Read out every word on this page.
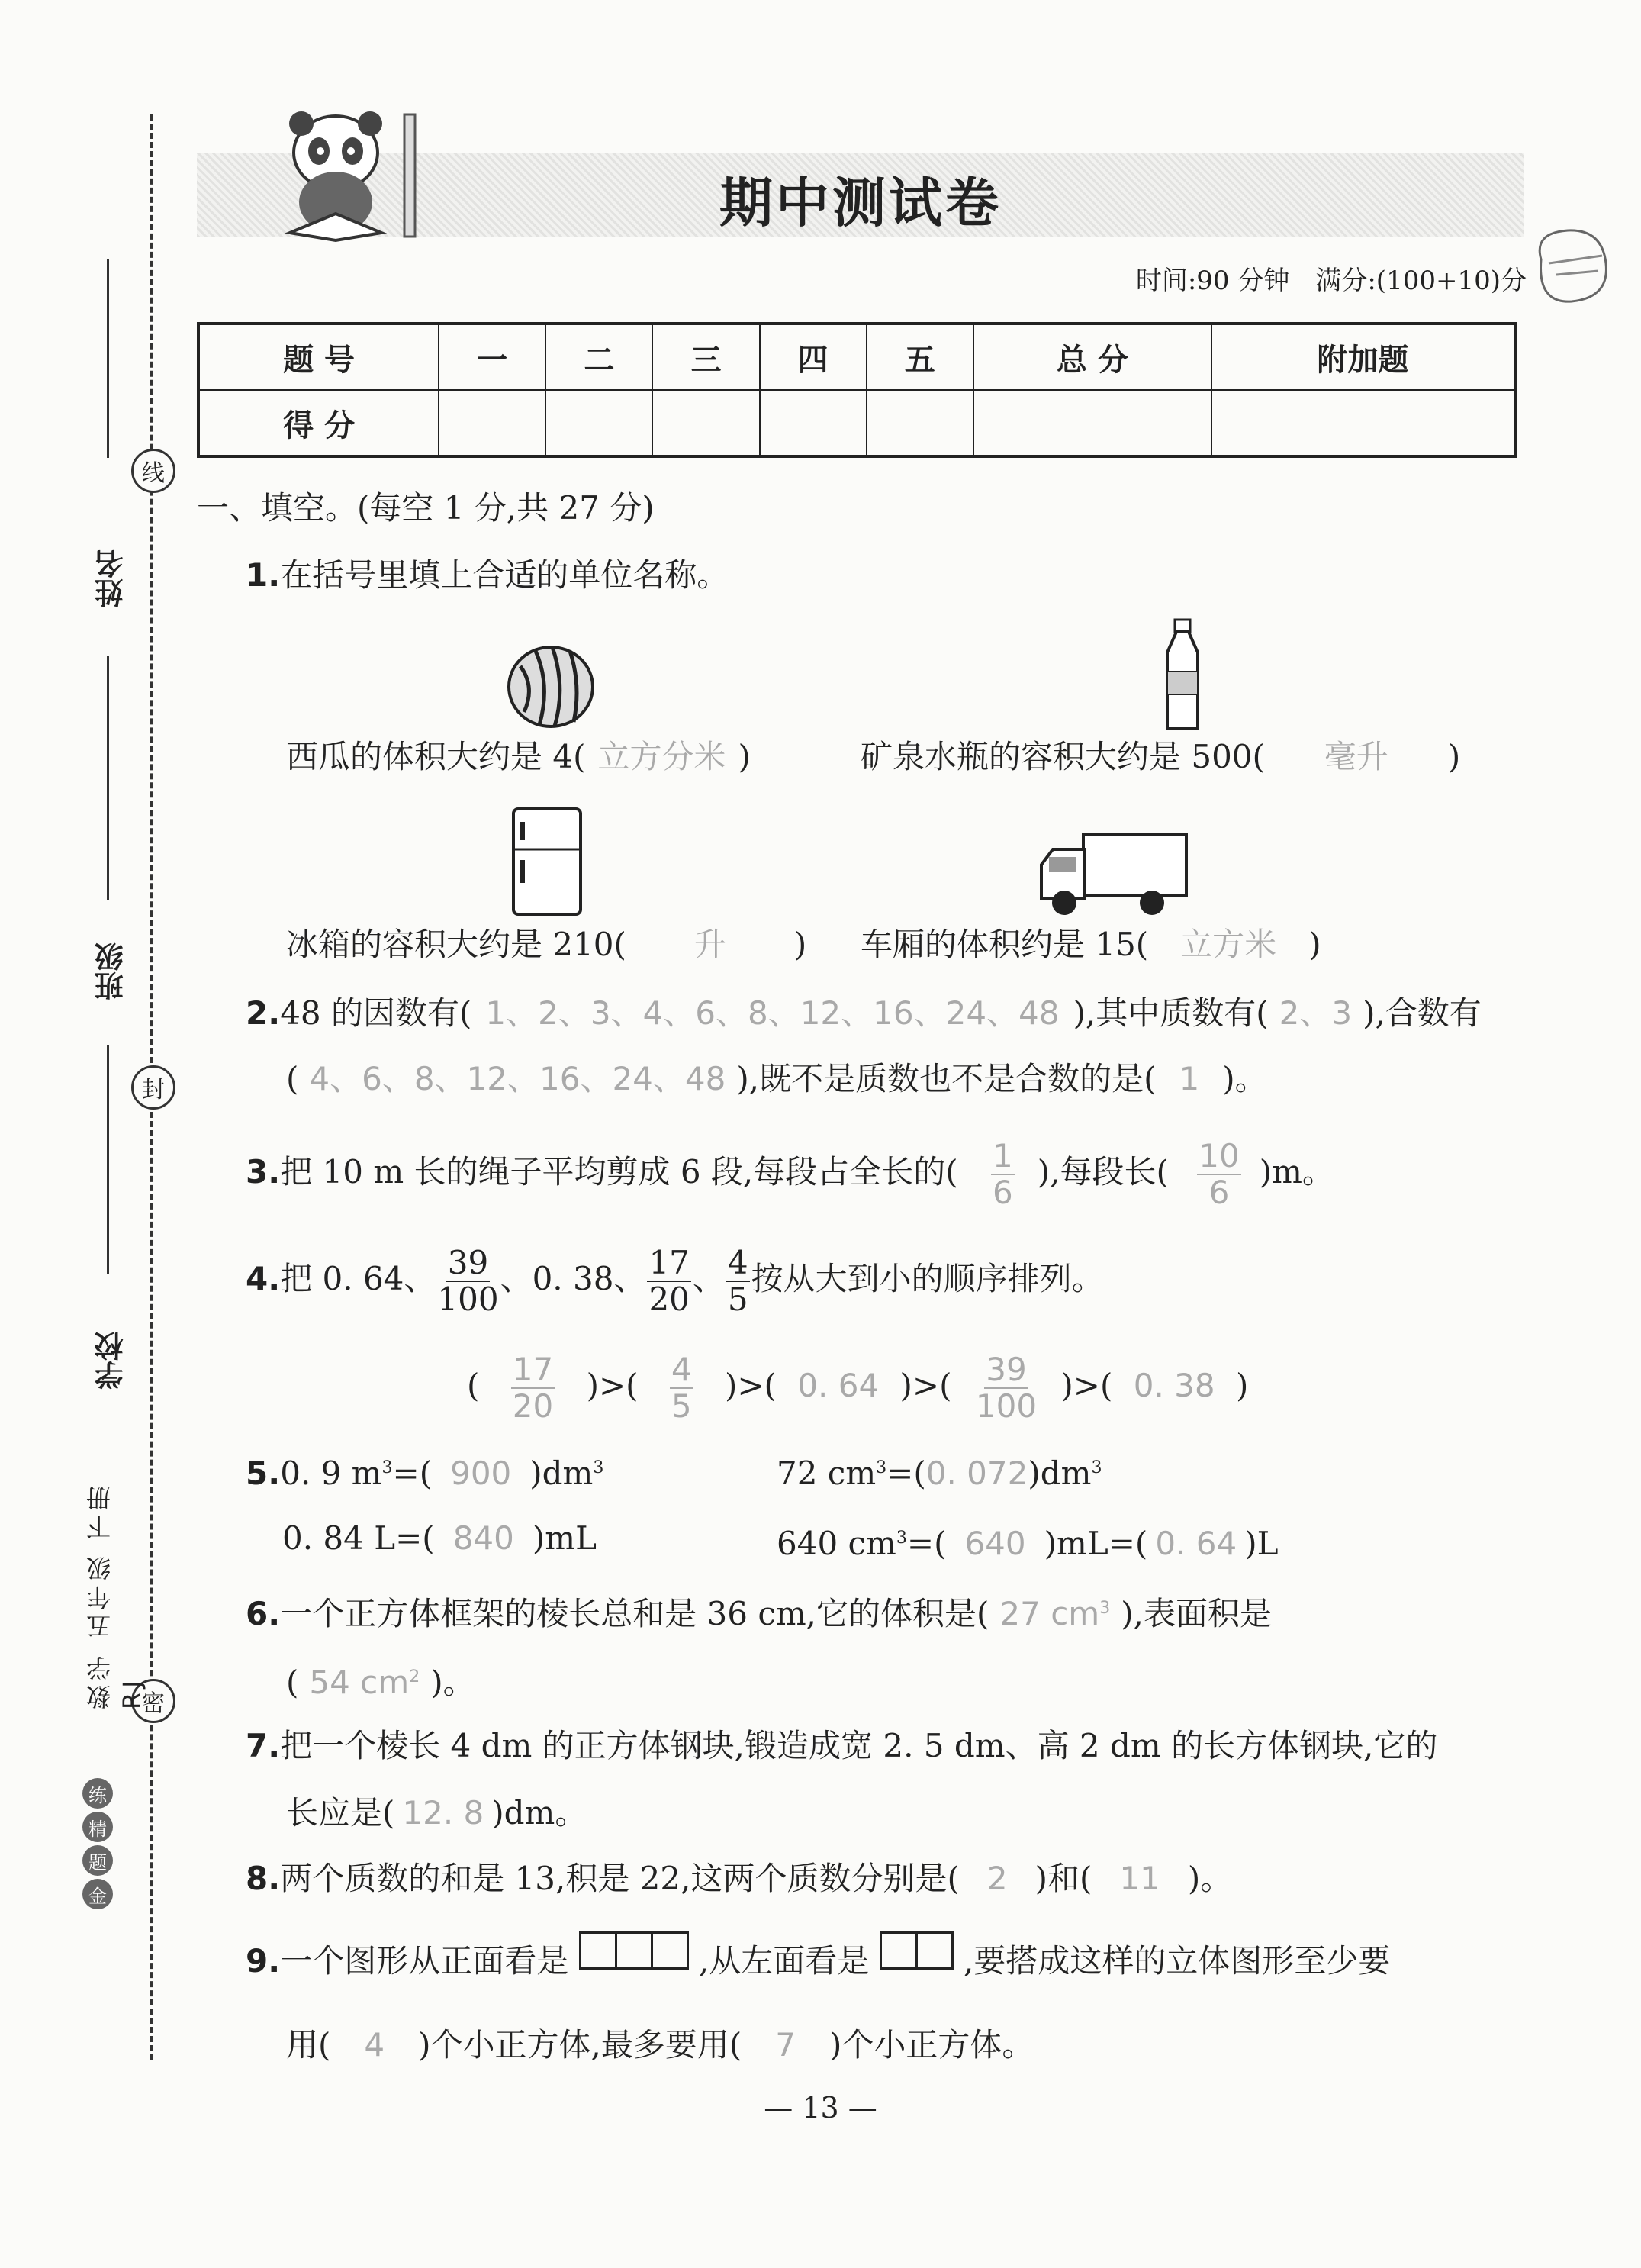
姓名
班级
学校
线
封
密
数学 五年级 下册 RJ
金
题
精
练
期中测试卷
时间:90 分钟　满分:(100+10)分
题 号	一	二	三	四	五	总 分	附加题
得 分							
一、填空。(每空 1 分,共 27 分)
1.在括号里填上合适的单位名称。
西瓜的体积大约是 4( 立方分米 )	矿泉水瓶的容积大约是 500( 毫升 )
冰箱的容积大约是 210( 升 ) 车厢的体积约是 15( 立方米 )
2.48 的因数有( 1、2、3、4、6、8、12、16、24、48 ),其中质数有( 2、3 ),合数有
( 4、6、8、12、16、24、48 ),既不是质数也不是合数的是( 1 )。
3.把 10 m 长的绳子平均剪成 6 段,每段占全长的( $\frac{1}{6}$ ),每段长( $\frac{10}{6} )m$。
4.把 0. 64、 $\frac{39}{100}$ 、0. 38、 $\frac{17}{20}$ 、 $\frac{4}{5}$ 按从大到小的顺序排列。
( $\frac{17}{20}$ )>( $\frac{4}{5}$ )>( 0. 64 )>( $\frac{39}{100}$ )>( 0. 38 )
5.0. 9 $m^3=$( 900 )$dm^3$	72 $cm^3=(0$. $072)dm^3$
0. 84 L=( 840 )mL	640 $cm^3=$( 640 )mL=( 0. 64 )L
6.一个正方体框架的棱长总和是 36 cm,它的体积是( 27 $cm^3$ ),表面积是
( 54 $cm^2$ )。
7.把一个棱长 4 dm 的正方体钢块,锻造成宽 2. 5 dm、高 2 dm 的长方体钢块,它的
长应是( 12. 8 )dm。
8.两个质数的和是 13,积是 22,这两个质数分别是( 2 )和( 11 )。
9.一个图形从正面看是	,从左面看是	,要搭成这样的立体图形至少要
用( 4 )个小正方体,最多要用( 7 )个小正方体。
— 13 —
